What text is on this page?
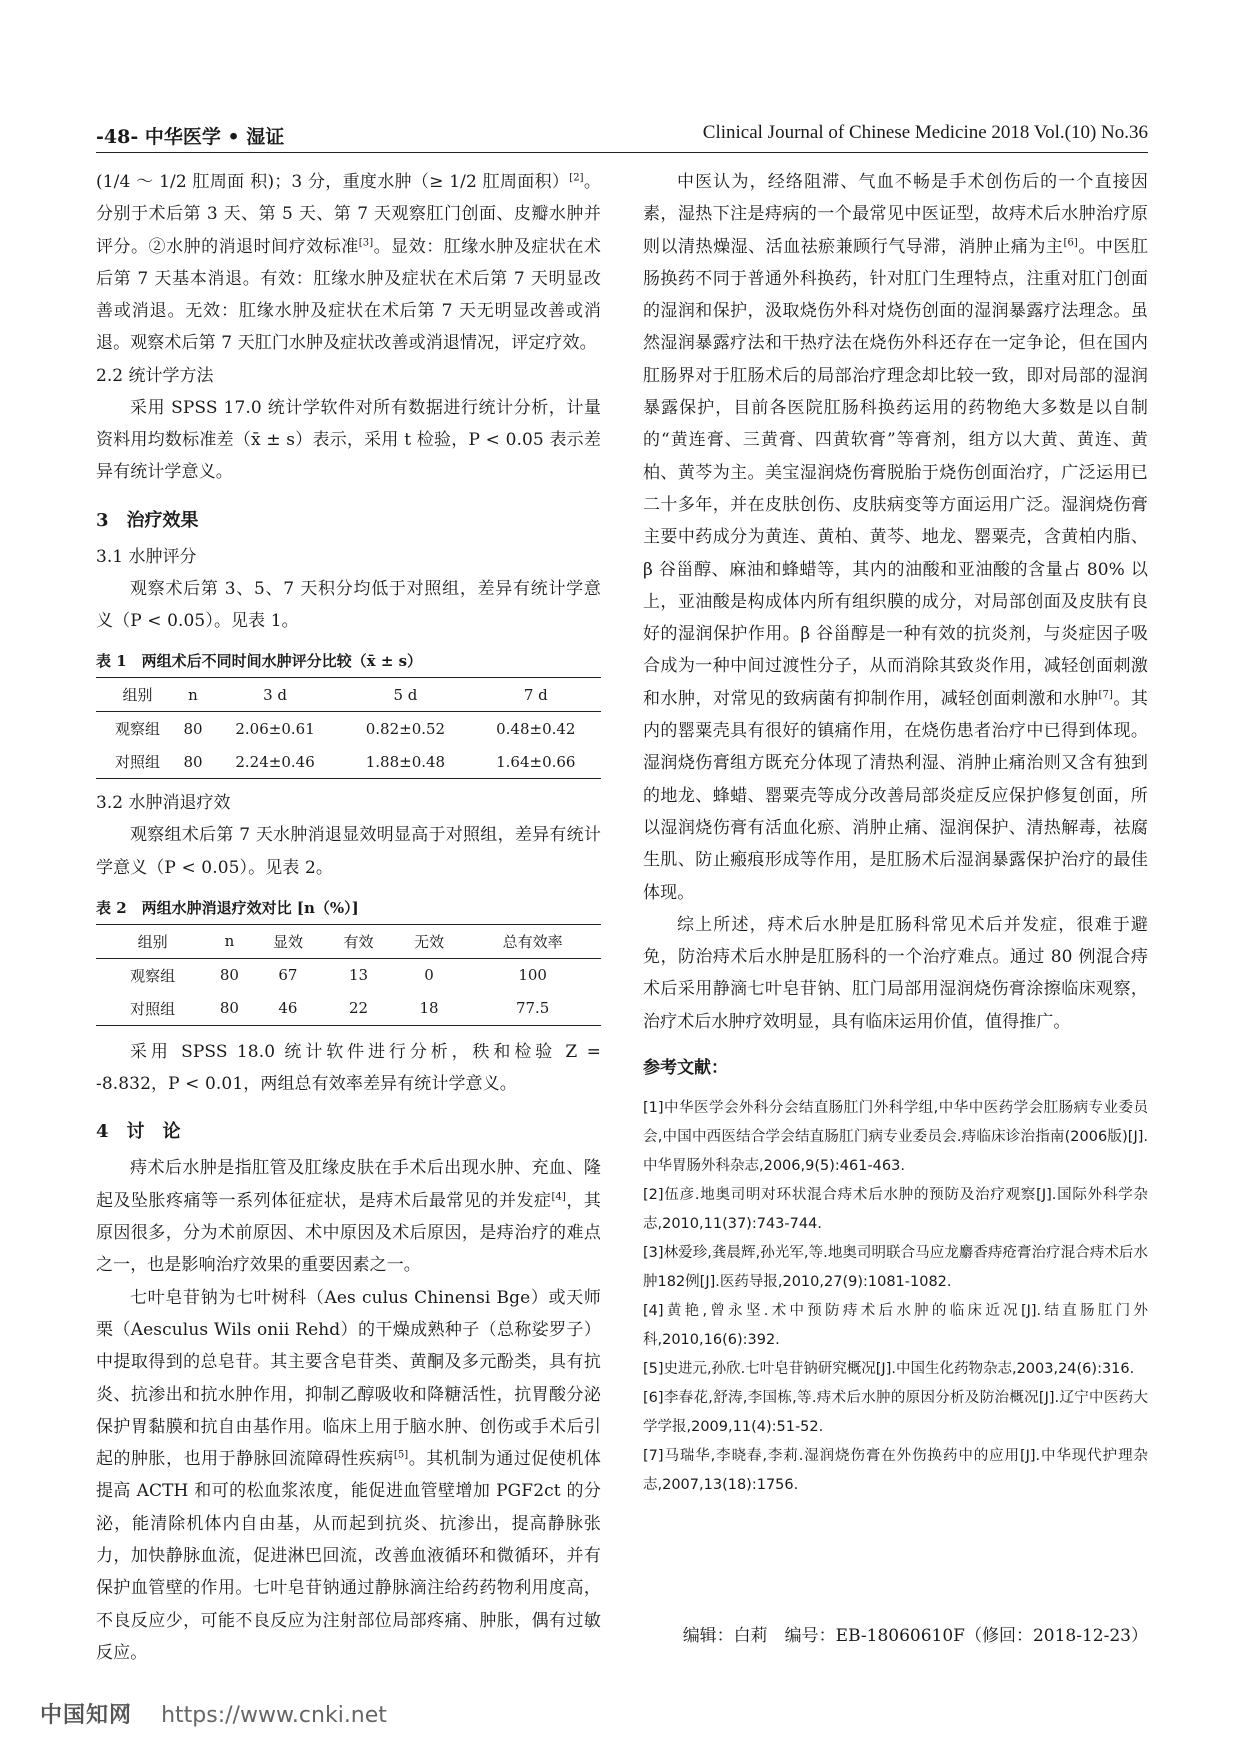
-48- 中华医学 • 湿证	Clinical Journal of Chinese Medicine 2018 Vol.(10) No.36

(1/4 ～ 1/2 肛周面 积)；3 分，重度水肿（≥ 1/2 肛周面积）[2]。分别于术后第 3 天、第 5 天、第 7 天观察肛门创面、皮瓣水肿并评分。②水肿的消退时间疗效标准[3]。显效：肛缘水肿及症状在术后第 7 天基本消退。有效：肛缘水肿及症状在术后第 7 天明显改善或消退。无效：肛缘水肿及症状在术后第 7 天无明显改善或消退。观察术后第 7 天肛门水肿及症状改善或消退情况，评定疗效。

2.2 统计学方法

采用 SPSS 17.0 统计学软件对所有数据进行统计分析，计量资料用均数标准差（x̄ ± s）表示，采用 t 检验，P < 0.05 表示差异有统计学意义。

3　治疗效果
3.1 水肿评分

观察术后第 3、5、7 天积分均低于对照组，差异有统计学意义（P < 0.05）。见表 1。

表 1　两组术后不同时间水肿评分比较（x̄ ± s）
组别	n	3 d	5 d	7 d
观察组	80	2.06±0.61	0.82±0.52	0.48±0.42
对照组	80	2.24±0.46	1.88±0.48	1.64±0.66
3.2 水肿消退疗效

观察组术后第 7 天水肿消退显效明显高于对照组，差异有统计学意义（P < 0.05）。见表 2。

表 2　两组水肿消退疗效对比 [n（%）]
组别	n	显效	有效	无效	总有效率
观察组	80	67	13	0	100
对照组	80	46	22	18	77.5

采用 SPSS 18.0 统计软件进行分析，秩和检验 Z = -8.832，P < 0.01，两组总有效率差异有统计学意义。

4　讨　论

痔术后水肿是指肛管及肛缘皮肤在手术后出现水肿、充血、隆起及坠胀疼痛等一系列体征症状，是痔术后最常见的并发症[4]，其原因很多，分为术前原因、术中原因及术后原因，是痔治疗的难点之一，也是影响治疗效果的重要因素之一。

七叶皂苷钠为七叶树科（Aes culus Chinensi Bge）或天师栗（Aesculus Wils onii Rehd）的干燥成熟种子（总称娑罗子）中提取得到的总皂苷。其主要含皂苷类、黄酮及多元酚类，具有抗炎、抗渗出和抗水肿作用，抑制乙醇吸收和降糖活性，抗胃酸分泌保护胃黏膜和抗自由基作用。临床上用于脑水肿、创伤或手术后引起的肿胀，也用于静脉回流障碍性疾病[5]。其机制为通过促使机体提高 ACTH 和可的松血浆浓度，能促进血管壁增加 PGF2ct 的分泌，能清除机体内自由基，从而起到抗炎、抗渗出，提高静脉张力，加快静脉血流，促进淋巴回流，改善血液循环和微循环，并有保护血管壁的作用。七叶皂苷钠通过静脉滴注给药药物利用度高，不良反应少，可能不良反应为注射部位局部疼痛、肿胀，偶有过敏反应。

中医认为，经络阻滞、气血不畅是手术创伤后的一个直接因素，湿热下注是痔病的一个最常见中医证型，故痔术后水肿治疗原则以清热燥湿、活血祛瘀兼顾行气导滞，消肿止痛为主[6]。中医肛肠换药不同于普通外科换药，针对肛门生理特点，注重对肛门创面的湿润和保护，汲取烧伤外科对烧伤创面的湿润暴露疗法理念。虽然湿润暴露疗法和干热疗法在烧伤外科还存在一定争论，但在国内肛肠界对于肛肠术后的局部治疗理念却比较一致，即对局部的湿润暴露保护，目前各医院肛肠科换药运用的药物绝大多数是以自制的“黄连膏、三黄膏、四黄软膏”等膏剂，组方以大黄、黄连、黄柏、黄芩为主。美宝湿润烧伤膏脱胎于烧伤创面治疗，广泛运用已二十多年，并在皮肤创伤、皮肤病变等方面运用广泛。湿润烧伤膏主要中药成分为黄连、黄柏、黄芩、地龙、罂粟壳，含黄柏内脂、β 谷甾醇、麻油和蜂蜡等，其内的油酸和亚油酸的含量占 80% 以上，亚油酸是构成体内所有组织膜的成分，对局部创面及皮肤有良好的湿润保护作用。β 谷甾醇是一种有效的抗炎剂，与炎症因子吸合成为一种中间过渡性分子，从而消除其致炎作用，减轻创面刺激和水肿，对常见的致病菌有抑制作用，减轻创面刺激和水肿[7]。其内的罂粟壳具有很好的镇痛作用，在烧伤患者治疗中已得到体现。湿润烧伤膏组方既充分体现了清热利湿、消肿止痛治则又含有独到的地龙、蜂蜡、罂粟壳等成分改善局部炎症反应保护修复创面，所以湿润烧伤膏有活血化瘀、消肿止痛、湿润保护、清热解毒，祛腐生肌、防止瘢痕形成等作用，是肛肠术后湿润暴露保护治疗的最佳体现。

综上所述，痔术后水肿是肛肠科常见术后并发症，很难于避免，防治痔术后水肿是肛肠科的一个治疗难点。通过 80 例混合痔术后采用静滴七叶皂苷钠、肛门局部用湿润烧伤膏涂擦临床观察，治疗术后水肿疗效明显，具有临床运用价值，值得推广。

参考文献：

[1]中华医学会外科分会结直肠肛门外科学组,中华中医药学会肛肠病专业委员会,中国中西医结合学会结直肠肛门病专业委员会.痔临床诊治指南(2006版)[J].中华胃肠外科杂志,2006,9(5):461-463.

[2]伍彦.地奥司明对环状混合痔术后水肿的预防及治疗观察[J].国际外科学杂志,2010,11(37):743-744.

[3]林爱珍,龚晨辉,孙光军,等.地奥司明联合马应龙麝香痔疮膏治疗混合痔术后水肿182例[J].医药导报,2010,27(9):1081-1082.

[4]黄艳,曾永坚.术中预防痔术后水肿的临床近况[J].结直肠肛门外科,2010,16(6):392.

[5]史进元,孙欣.七叶皂苷钠研究概况[J].中国生化药物杂志,2003,24(6):316.

[6]李春花,舒涛,李国栋,等.痔术后水肿的原因分析及防治概况[J].辽宁中医药大学学报,2009,11(4):51-52.

[7]马瑞华,李晓春,李莉.湿润烧伤膏在外伤换药中的应用[J].中华现代护理杂志,2007,13(18):1756.

编辑：白莉　编号：EB-18060610F（修回：2018-12-23）
中国知网 https://www.cnki.net
